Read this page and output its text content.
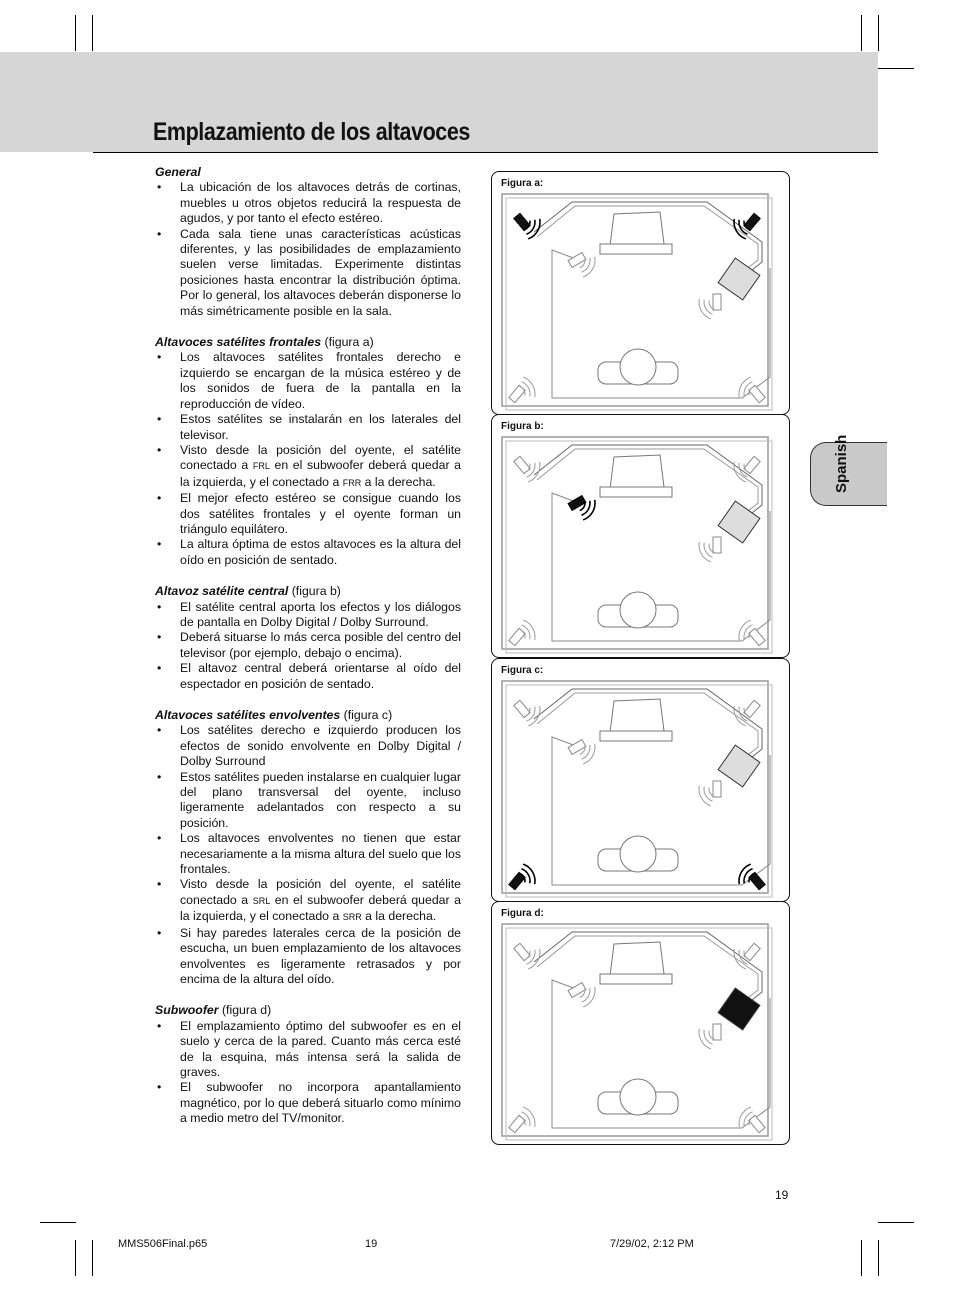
Emplazamiento de los altavoces

General

• La ubicación de los altavoces detrás de cortinas, muebles u otros objetos reducirá la respuesta de agudos, y por tanto el efecto estéreo.
• Cada sala tiene unas características acústicas diferentes, y las posibilidades de emplazamiento suelen verse limitadas. Experimente distintas posiciones hasta encontrar la distribución óptima. Por lo general, los altavoces deberán disponerse lo más simétricamente posible en la sala.

Altavoces satélites frontales (figura a)

• Los altavoces satélites frontales derecho e izquierdo se encargan de la música estéreo y de los sonidos de fuera de la pantalla en la reproducción de vídeo.
• Estos satélites se instalarán en los laterales del televisor.
• Visto desde la posición del oyente, el satélite conectado a FRL en el subwoofer deberá quedar a la izquierda, y el conectado a FRR a la derecha.
• El mejor efecto estéreo se consigue cuando los dos satélites frontales y el oyente forman un triángulo equilátero.
• La altura óptima de estos altavoces es la altura del oído en posición de sentado.

Altavoz satélite central (figura b)

• El satélite central aporta los efectos y los diálogos de pantalla en Dolby Digital / Dolby Surround.
• Deberá situarse lo más cerca posible del centro del televisor (por ejemplo, debajo o encima).
• El altavoz central deberá orientarse al oído del espectador en posición de sentado.

Altavoces satélites envolventes (figura c)

• Los satélites derecho e izquierdo producen los efectos de sonido envolvente en Dolby Digital / Dolby Surround
• Estos satélites pueden instalarse en cualquier lugar del plano transversal del oyente, incluso ligeramente adelantados con respecto a su posición.
• Los altavoces envolventes no tienen que estar necesariamente a la misma altura del suelo que los frontales.
• Visto desde la posición del oyente, el satélite conectado a SRL en el subwoofer deberá quedar a la izquierda, y el conectado a SRR a la derecha.
• Si hay paredes laterales cerca de la posición de escucha, un buen emplazamiento de los altavoces envolventes es ligeramente retrasados y por encima de la altura del oído.

Subwoofer (figura d)

• El emplazamiento óptimo del subwoofer es en el suelo y cerca de la pared. Cuanto más cerca esté de la esquina, más intensa será la salida de graves.
• El subwoofer no incorpora apantallamiento magnético, por lo que deberá situarlo como mínimo a medio metro del TV/monitor.
Spanish
Figura a:
Figura b:
Figura c:
Figura d:
19
MMS506Final.p65	19	7/29/02, 2:12 PM
